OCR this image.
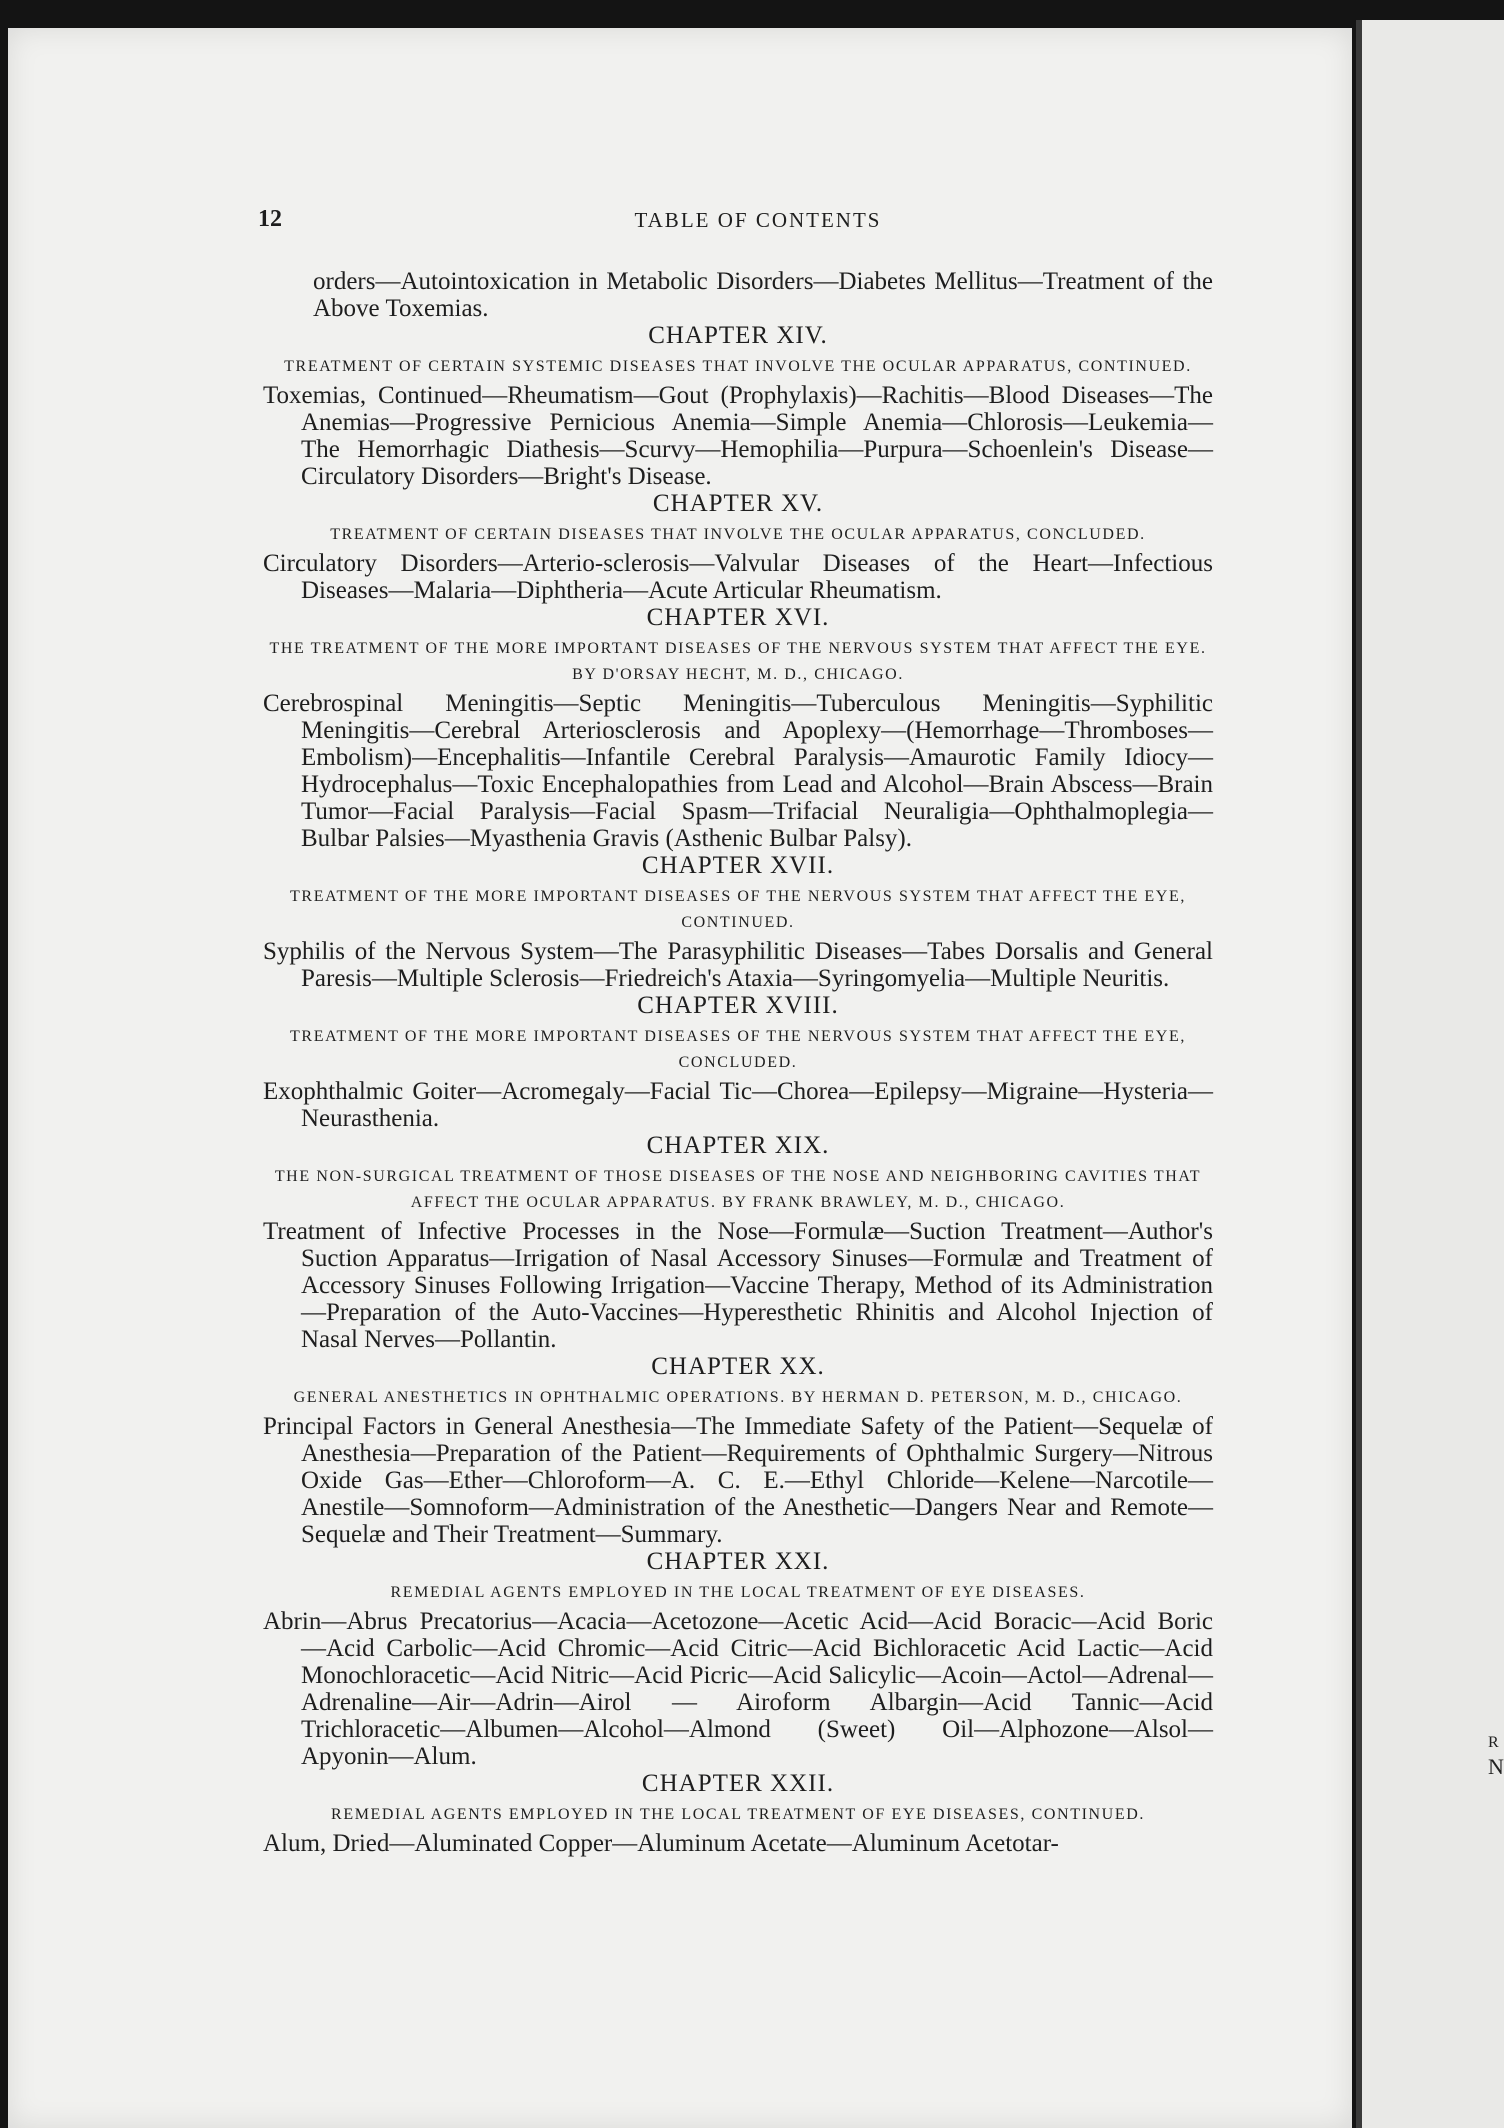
12	TABLE OF CONTENTS
orders—Autointoxication in Metabolic Disorders—Diabetes Mellitus—Treatment of the Above Toxemias.
CHAPTER XIV.
TREATMENT OF CERTAIN SYSTEMIC DISEASES THAT INVOLVE THE OCULAR APPARATUS, CONTINUED.
Toxemias, Continued—Rheumatism—Gout (Prophylaxis)—Rachitis—Blood Diseases—The Anemias—Progressive Pernicious Anemia—Simple Anemia—Chlorosis—Leukemia—The Hemorrhagic Diathesis—Scurvy—Hemophilia—Purpura—Schoenlein's Disease—Circulatory Disorders—Bright's Disease.
CHAPTER XV.
TREATMENT OF CERTAIN DISEASES THAT INVOLVE THE OCULAR APPARATUS, CONCLUDED.
Circulatory Disorders—Arterio-sclerosis—Valvular Diseases of the Heart—Infectious Diseases—Malaria—Diphtheria—Acute Articular Rheumatism.
CHAPTER XVI.
THE TREATMENT OF THE MORE IMPORTANT DISEASES OF THE NERVOUS SYSTEM THAT AFFECT THE EYE. BY D'ORSAY HECHT, M. D., CHICAGO.
Cerebrospinal Meningitis—Septic Meningitis—Tuberculous Meningitis—Syphilitic Meningitis—Cerebral Arteriosclerosis and Apoplexy—(Hemorrhage—Thromboses—Embolism)—Encephalitis—Infantile Cerebral Paralysis—Amaurotic Family Idiocy—Hydrocephalus—Toxic Encephalopathies from Lead and Alcohol—Brain Abscess—Brain Tumor—Facial Paralysis—Facial Spasm—Trifacial Neuraligia—Ophthalmoplegia—Bulbar Palsies—Myasthenia Gravis (Asthenic Bulbar Palsy).
CHAPTER XVII.
TREATMENT OF THE MORE IMPORTANT DISEASES OF THE NERVOUS SYSTEM THAT AFFECT THE EYE, CONTINUED.
Syphilis of the Nervous System—The Parasyphilitic Diseases—Tabes Dorsalis and General Paresis—Multiple Sclerosis—Friedreich's Ataxia—Syringomyelia—Multiple Neuritis.
CHAPTER XVIII.
TREATMENT OF THE MORE IMPORTANT DISEASES OF THE NERVOUS SYSTEM THAT AFFECT THE EYE, CONCLUDED.
Exophthalmic Goiter—Acromegaly—Facial Tic—Chorea—Epilepsy—Migraine—Hysteria—Neurasthenia.
CHAPTER XIX.
THE NON-SURGICAL TREATMENT OF THOSE DISEASES OF THE NOSE AND NEIGHBORING CAVITIES THAT AFFECT THE OCULAR APPARATUS. BY FRANK BRAWLEY, M. D., CHICAGO.
Treatment of Infective Processes in the Nose—Formulæ—Suction Treatment—Author's Suction Apparatus—Irrigation of Nasal Accessory Sinuses—Formulæ and Treatment of Accessory Sinuses Following Irrigation—Vaccine Therapy, Method of its Administration—Preparation of the Auto-Vaccines—Hyperesthetic Rhinitis and Alcohol Injection of Nasal Nerves—Pollantin.
CHAPTER XX.
GENERAL ANESTHETICS IN OPHTHALMIC OPERATIONS. BY HERMAN D. PETERSON, M. D., CHICAGO.
Principal Factors in General Anesthesia—The Immediate Safety of the Patient—Sequelæ of Anesthesia—Preparation of the Patient—Requirements of Ophthalmic Surgery—Nitrous Oxide Gas—Ether—Chloroform—A. C. E.—Ethyl Chloride—Kelene—Narcotile—Anestile—Somnoform—Administration of the Anesthetic—Dangers Near and Remote—Sequelæ and Their Treatment—Summary.
CHAPTER XXI.
REMEDIAL AGENTS EMPLOYED IN THE LOCAL TREATMENT OF EYE DISEASES.
Abrin—Abrus Precatorius—Acacia—Acetozone—Acetic Acid—Acid Boracic—Acid Boric—Acid Carbolic—Acid Chromic—Acid Citric—Acid Bichloracetic Acid Lactic—Acid Monochloracetic—Acid Nitric—Acid Picric—Acid Salicylic—Acoin—Actol—Adrenal—Adrenaline—Air—Adrin—Airol — Airoform Albargin—Acid Tannic—Acid Trichloracetic—Albumen—Alcohol—Almond (Sweet) Oil—Alphozone—Alsol—Apyonin—Alum.
CHAPTER XXII.
REMEDIAL AGENTS EMPLOYED IN THE LOCAL TREATMENT OF EYE DISEASES, CONTINUED.
Alum, Dried—Aluminated Copper—Aluminum Acetate—Aluminum Acetotar-
R
N
